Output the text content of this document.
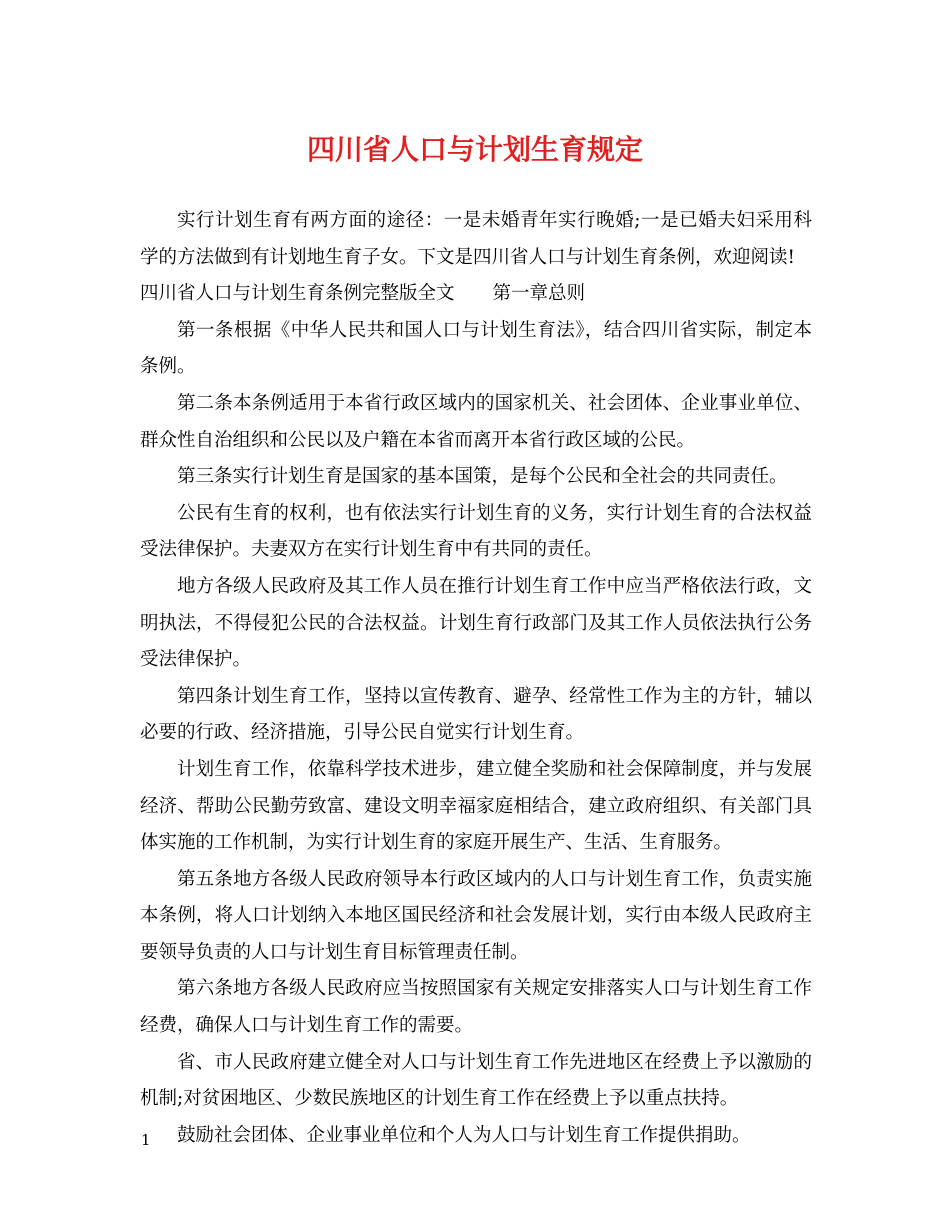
四川省人口与计划生育规定

实行计划生育有两方面的途径：一是未婚青年实行晚婚;一是已婚夫妇采用科学的方法做到有计划地生育子女。下文是四川省人口与计划生育条例，欢迎阅读!

四川省人口与计划生育条例完整版全文 第一章总则

第一条根据《中华人民共和国人口与计划生育法》，结合四川省实际，制定本条例。

第二条本条例适用于本省行政区域内的国家机关、社会团体、企业事业单位、群众性自治组织和公民以及户籍在本省而离开本省行政区域的公民。

第三条实行计划生育是国家的基本国策，是每个公民和全社会的共同责任。

公民有生育的权利，也有依法实行计划生育的义务，实行计划生育的合法权益受法律保护。夫妻双方在实行计划生育中有共同的责任。

地方各级人民政府及其工作人员在推行计划生育工作中应当严格依法行政，文明执法，不得侵犯公民的合法权益。计划生育行政部门及其工作人员依法执行公务受法律保护。

第四条计划生育工作，坚持以宣传教育、避孕、经常性工作为主的方针，辅以必要的行政、经济措施，引导公民自觉实行计划生育。

计划生育工作，依靠科学技术进步，建立健全奖励和社会保障制度，并与发展经济、帮助公民勤劳致富、建设文明幸福家庭相结合，建立政府组织、有关部门具体实施的工作机制，为实行计划生育的家庭开展生产、生活、生育服务。

第五条地方各级人民政府领导本行政区域内的人口与计划生育工作，负责实施本条例，将人口计划纳入本地区国民经济和社会发展计划，实行由本级人民政府主要领导负责的人口与计划生育目标管理责任制。

第六条地方各级人民政府应当按照国家有关规定安排落实人口与计划生育工作经费，确保人口与计划生育工作的需要。

省、市人民政府建立健全对人口与计划生育工作先进地区在经费上予以激励的机制;对贫困地区、少数民族地区的计划生育工作在经费上予以重点扶持。

鼓励社会团体、企业事业单位和个人为人口与计划生育工作提供捐助。

1
